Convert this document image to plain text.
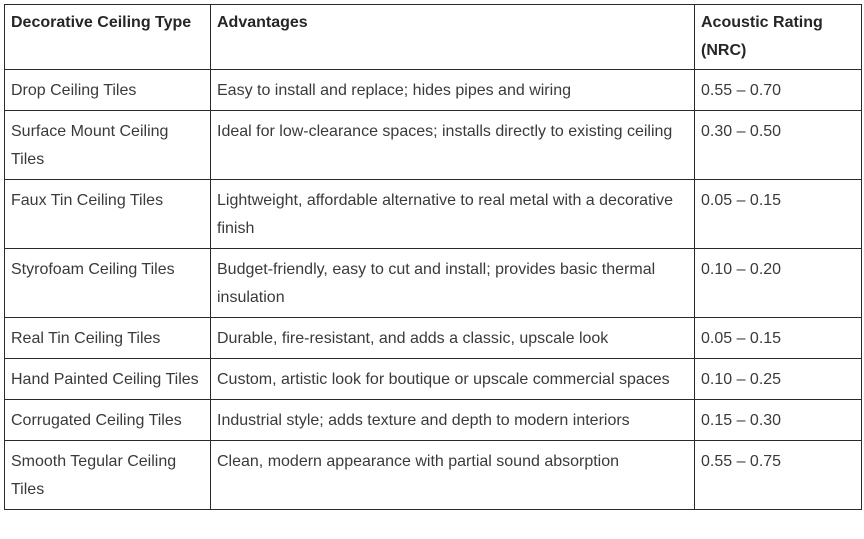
Decorative Ceiling Type	Advantages	Acoustic Rating (NRC)
Drop Ceiling Tiles	Easy to install and replace; hides pipes and wiring	0.55 – 0.70
Surface Mount Ceiling Tiles	Ideal for low-clearance spaces; installs directly to existing ceiling	0.30 – 0.50
Faux Tin Ceiling Tiles	Lightweight, affordable alternative to real metal with a decorative finish	0.05 – 0.15
Styrofoam Ceiling Tiles	Budget-friendly, easy to cut and install; provides basic thermal insulation	0.10 – 0.20
Real Tin Ceiling Tiles	Durable, fire-resistant, and adds a classic, upscale look	0.05 – 0.15
Hand Painted Ceiling Tiles	Custom, artistic look for boutique or upscale commercial spaces	0.10 – 0.25
Corrugated Ceiling Tiles	Industrial style; adds texture and depth to modern interiors	0.15 – 0.30
Smooth Tegular Ceiling Tiles	Clean, modern appearance with partial sound absorption	0.55 – 0.75
